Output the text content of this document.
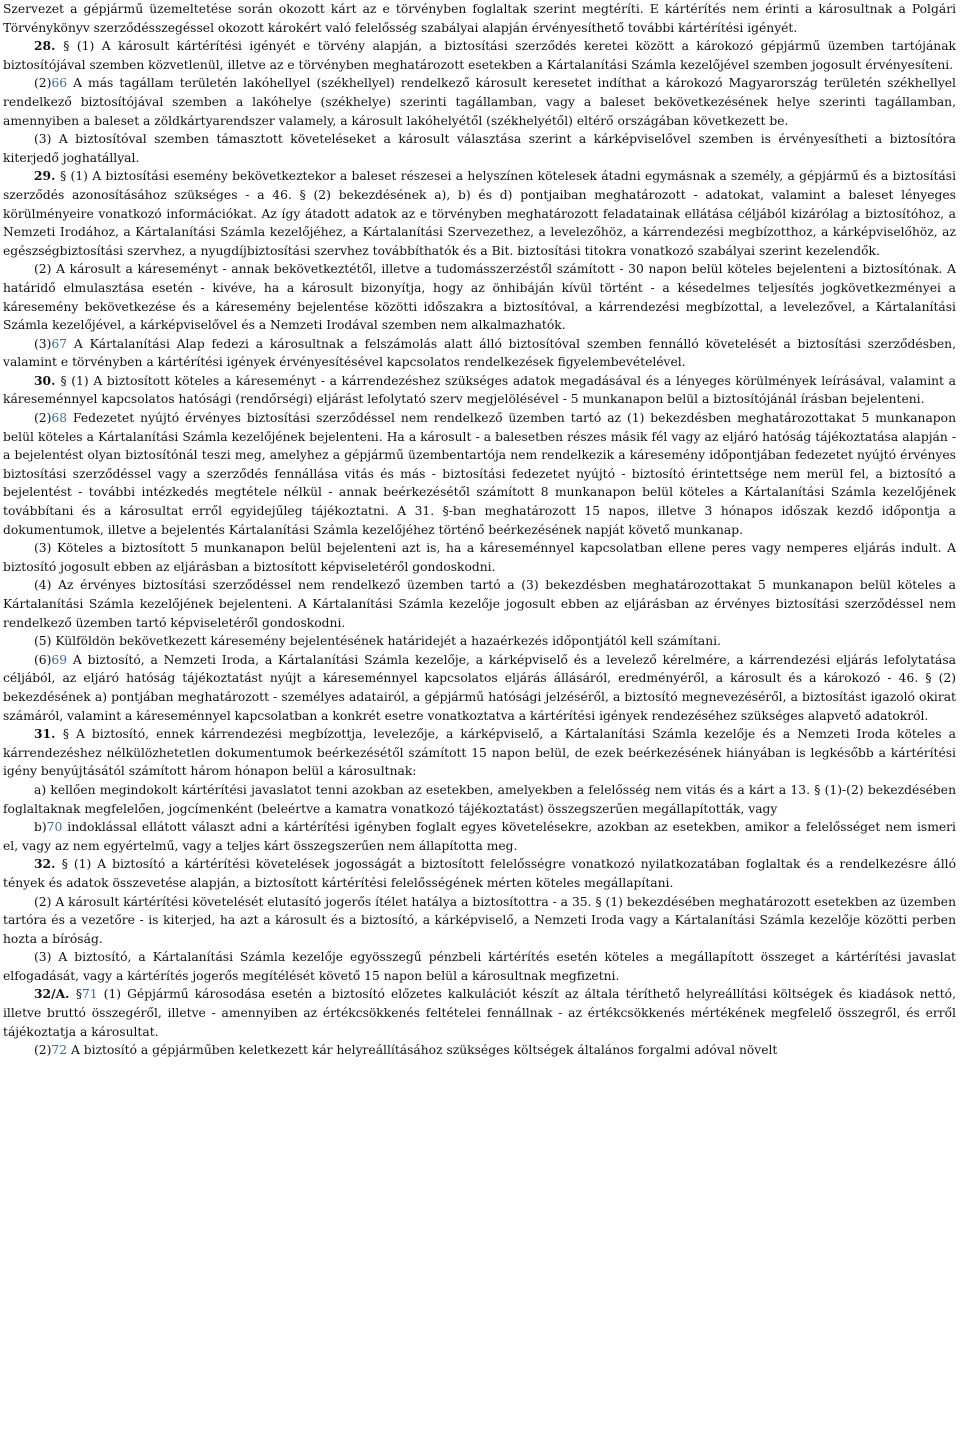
Szervezet a gépjármű üzemeltetése során okozott kárt az e törvényben foglaltak szerint megtéríti. E kártérítés nem érinti a károsultnak a Polgári Törvénykönyv szerződésszegéssel okozott károkért való felelősség szabályai alapján érvényesíthető további kártérítési igényét.

28. § (1) A károsult kártérítési igényét e törvény alapján, a biztosítási szerződés keretei között a károkozó gépjármű üzemben tartójának biztosítójával szemben közvetlenül, illetve az e törvényben meghatározott esetekben a Kártalanítási Számla kezelőjével szemben jogosult érvényesíteni.

(2)66 A más tagállam területén lakóhellyel (székhellyel) rendelkező károsult keresetet indíthat a károkozó Magyarország területén székhellyel rendelkező biztosítójával szemben a lakóhelye (székhelye) szerinti tagállamban, vagy a baleset bekövetkezésének helye szerinti tagállamban, amennyiben a baleset a zöldkártyarendszer valamely, a károsult lakóhelyétől (székhelyétől) eltérő országában következett be.

(3) A biztosítóval szemben támasztott követeléseket a károsult választása szerint a kárképviselővel szemben is érvényesítheti a biztosítóra kiterjedő joghatállyal.

29. § (1) A biztosítási esemény bekövetkeztekor a baleset részesei a helyszínen kötelesek átadni egymásnak a személy, a gépjármű és a biztosítási szerződés azonosításához szükséges - a 46. § (2) bekezdésének a), b) és d) pontjaiban meghatározott - adatokat, valamint a baleset lényeges körülményeire vonatkozó információkat. Az így átadott adatok az e törvényben meghatározott feladatainak ellátása céljából kizárólag a biztosítóhoz, a Nemzeti Irodához, a Kártalanítási Számla kezelőjéhez, a Kártalanítási Szervezethez, a levelezőhöz, a kárrendezési megbízotthoz, a kárképviselőhöz, az egészségbiztosítási szervhez, a nyugdíjbiztosítási szervhez továbbíthatók és a Bit. biztosítási titokra vonatkozó szabályai szerint kezelendők.

(2) A károsult a káreseményt - annak bekövetkeztétől, illetve a tudomásszerzéstől számított - 30 napon belül köteles bejelenteni a biztosítónak. A határidő elmulasztása esetén - kivéve, ha a károsult bizonyítja, hogy az önhibáján kívül történt - a késedelmes teljesítés jogkövetkezményei a káresemény bekövetkezése és a káresemény bejelentése közötti időszakra a biztosítóval, a kárrendezési megbízottal, a levelezővel, a Kártalanítási Számla kezelőjével, a kárképviselővel és a Nemzeti Irodával szemben nem alkalmazhatók.

(3)67 A Kártalanítási Alap fedezi a károsultnak a felszámolás alatt álló biztosítóval szemben fennálló követelését a biztosítási szerződésben, valamint e törvényben a kártérítési igények érvényesítésével kapcsolatos rendelkezések figyelembevételével.

30. § (1) A biztosított köteles a káreseményt - a kárrendezéshez szükséges adatok megadásával és a lényeges körülmények leírásával, valamint a káreseménnyel kapcsolatos hatósági (rendőrségi) eljárást lefolytató szerv megjelölésével - 5 munkanapon belül a biztosítójánál írásban bejelenteni.

(2)68 Fedezetet nyújtó érvényes biztosítási szerződéssel nem rendelkező üzemben tartó az (1) bekezdésben meghatározottakat 5 munkanapon belül köteles a Kártalanítási Számla kezelőjének bejelenteni. Ha a károsult - a balesetben részes másik fél vagy az eljáró hatóság tájékoztatása alapján - a bejelentést olyan biztosítónál teszi meg, amelyhez a gépjármű üzembentartója nem rendelkezik a káresemény időpontjában fedezetet nyújtó érvényes biztosítási szerződéssel vagy a szerződés fennállása vitás és más - biztosítási fedezetet nyújtó - biztosító érintettsége nem merül fel, a biztosító a bejelentést - további intézkedés megtétele nélkül - annak beérkezésétől számított 8 munkanapon belül köteles a Kártalanítási Számla kezelőjének továbbítani és a károsultat erről egyidejűleg tájékoztatni. A 31. §-ban meghatározott 15 napos, illetve 3 hónapos időszak kezdő időpontja a dokumentumok, illetve a bejelentés Kártalanítási Számla kezelőjéhez történő beérkezésének napját követő munkanap.

(3) Köteles a biztosított 5 munkanapon belül bejelenteni azt is, ha a káreseménnyel kapcsolatban ellene peres vagy nemperes eljárás indult. A biztosító jogosult ebben az eljárásban a biztosított képviseletéről gondoskodni.

(4) Az érvényes biztosítási szerződéssel nem rendelkező üzemben tartó a (3) bekezdésben meghatározottakat 5 munkanapon belül köteles a Kártalanítási Számla kezelőjének bejelenteni. A Kártalanítási Számla kezelője jogosult ebben az eljárásban az érvényes biztosítási szerződéssel nem rendelkező üzemben tartó képviseletéről gondoskodni.

(5) Külföldön bekövetkezett káresemény bejelentésének határidejét a hazaérkezés időpontjától kell számítani.

(6)69 A biztosító, a Nemzeti Iroda, a Kártalanítási Számla kezelője, a kárképviselő és a levelező kérelmére, a kárrendezési eljárás lefolytatása céljából, az eljáró hatóság tájékoztatást nyújt a káreseménnyel kapcsolatos eljárás állásáról, eredményéről, a károsult és a károkozó - 46. § (2) bekezdésének a) pontjában meghatározott - személyes adatairól, a gépjármű hatósági jelzéséről, a biztosító megnevezéséről, a biztosítást igazoló okirat számáról, valamint a káreseménnyel kapcsolatban a konkrét esetre vonatkoztatva a kártérítési igények rendezéséhez szükséges alapvető adatokról.

31. § A biztosító, ennek kárrendezési megbízottja, levelezője, a kárképviselő, a Kártalanítási Számla kezelője és a Nemzeti Iroda köteles a kárrendezéshez nélkülözhetetlen dokumentumok beérkezésétől számított 15 napon belül, de ezek beérkezésének hiányában is legkésőbb a kártérítési igény benyújtásától számított három hónapon belül a károsultnak:

a) kellően megindokolt kártérítési javaslatot tenni azokban az esetekben, amelyekben a felelősség nem vitás és a kárt a 13. § (1)-(2) bekezdésében foglaltaknak megfelelően, jogcímenként (beleértve a kamatra vonatkozó tájékoztatást) összegszerűen megállapították, vagy

b)70 indoklással ellátott választ adni a kártérítési igényben foglalt egyes követelésekre, azokban az esetekben, amikor a felelősséget nem ismeri el, vagy az nem egyértelmű, vagy a teljes kárt összegszerűen nem állapította meg.

32. § (1) A biztosító a kártérítési követelések jogosságát a biztosított felelősségre vonatkozó nyilatkozatában foglaltak és a rendelkezésre álló tények és adatok összevetése alapján, a biztosított kártérítési felelősségének mérten köteles megállapítani.

(2) A károsult kártérítési követelését elutasító jogerős ítélet hatálya a biztosítottra - a 35. § (1) bekezdésében meghatározott esetekben az üzemben tartóra és a vezetőre - is kiterjed, ha azt a károsult és a biztosító, a kárképviselő, a Nemzeti Iroda vagy a Kártalanítási Számla kezelője közötti perben hozta a bíróság.

(3) A biztosító, a Kártalanítási Számla kezelője egyösszegű pénzbeli kártérítés esetén köteles a megállapított összeget a kártérítési javaslat elfogadását, vagy a kártérítés jogerős megítélését követő 15 napon belül a károsultnak megfizetni.

32/A. §71 (1) Gépjármű károsodása esetén a biztosító előzetes kalkulációt készít az általa téríthető helyreállítási költségek és kiadások nettó, illetve bruttó összegéről, illetve - amennyiben az értékcsökkenés feltételei fennállnak - az értékcsökkenés mértékének megfelelő összegről, és erről tájékoztatja a károsultat.

(2)72 A biztosító a gépjárműben keletkezett kár helyreállításához szükséges költségek általános forgalmi adóval növelt
